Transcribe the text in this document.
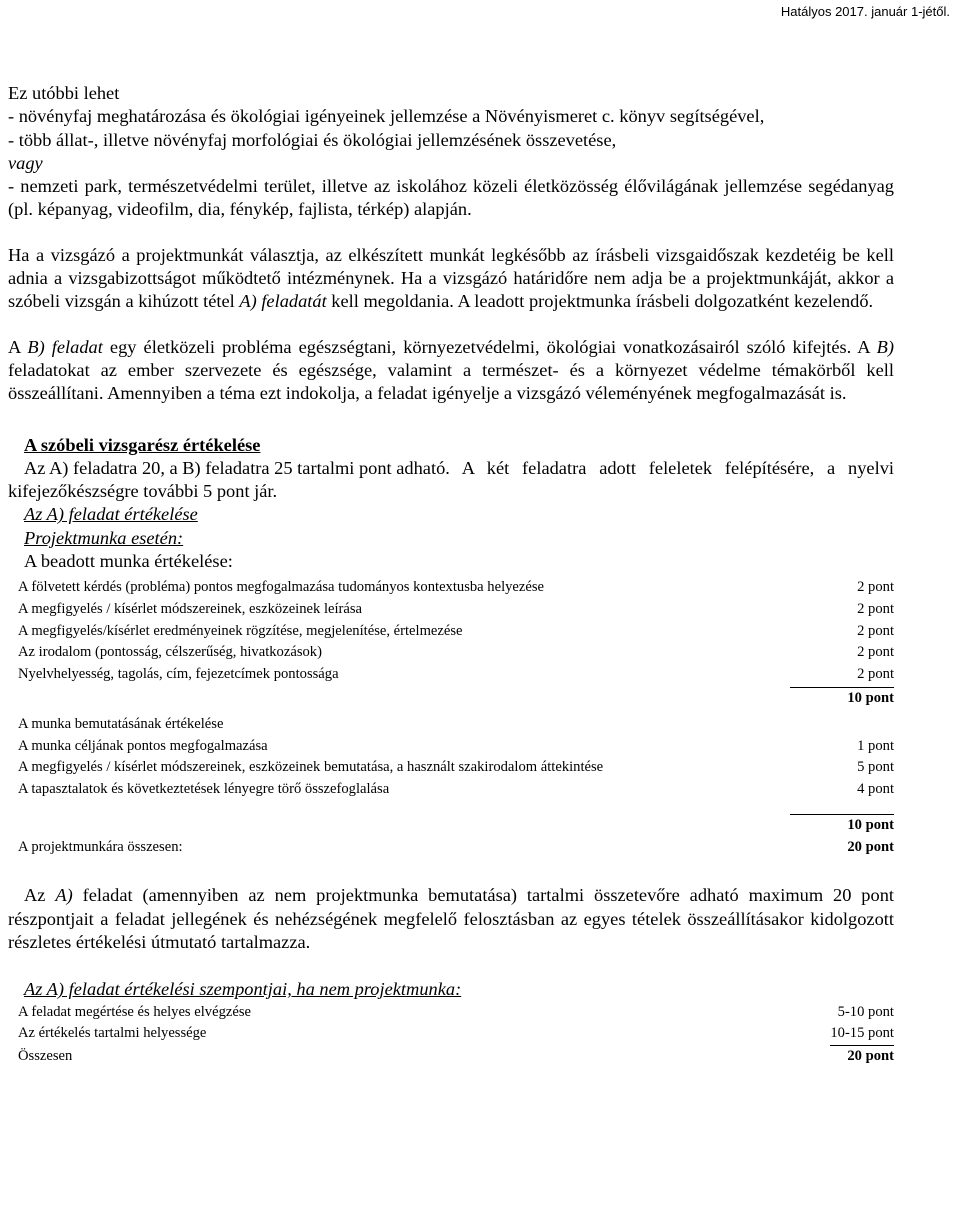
Hatályos 2017. január 1-jétől.

Ez utóbbi lehet

- növényfaj meghatározása és ökológiai igényeinek jellemzése a Növényismeret c. könyv segítségével,

- több állat-, illetve növényfaj morfológiai és ökológiai jellemzésének összevetése,

vagy

- nemzeti park, természetvédelmi terület, illetve az iskolához közeli életközösség élővilágának jellemzése segédanyag (pl. képanyag, videofilm, dia, fénykép, fajlista, térkép) alapján.

Ha a vizsgázó a projektmunkát választja, az elkészített munkát legkésőbb az írásbeli vizsgaidőszak kezdetéig be kell adnia a vizsgabizottságot működtető intézménynek. Ha a vizsgázó határidőre nem adja be a projektmunkáját, akkor a szóbeli vizsgán a kihúzott tétel A) feladatát kell megoldania. A leadott projektmunka írásbeli dolgozatként kezelendő.

A B) feladat egy életközeli probléma egészségtani, környezetvédelmi, ökológiai vonatkozásairól szóló kifejtés. A B) feladatokat az ember szervezete és egészsége, valamint a természet- és a környezet védelme témakörből kell összeállítani. Amennyiben a téma ezt indokolja, a feladat igényelje a vizsgázó véleményének megfogalmazását is.

A szóbeli vizsgarész értékelése

Az A) feladatra 20, a B) feladatra 25 tartalmi pont adható. A két feladatra adott feleletek felépítésére, a nyelvi kifejezőkészségre további 5 pont jár.

Az A) feladat értékelése

Projektmunka esetén:

A beadott munka értékelése:

A fölvetett kérdés (probléma) pontos megfogalmazása tudományos kontextusba helyezése	2 pont
A megfigyelés / kísérlet módszereinek, eszközeinek leírása	2 pont
A megfigyelés/kísérlet eredményeinek rögzítése, megjelenítése, értelmezése	2 pont
Az irodalom (pontosság, célszerűség, hivatkozások)	2 pont
Nyelvhelyesség, tagolás, cím, fejezetcímek pontossága	2 pont
10 pont
A munka bemutatásának értékelése
A munka céljának pontos megfogalmazása	1 pont
A megfigyelés / kísérlet módszereinek, eszközeinek bemutatása, a használt szakirodalom áttekintése	5 pont
A tapasztalatok és következtetések lényegre törő összefoglalása	4 pont
10 pont
A projektmunkára összesen:	20 pont

Az A) feladat (amennyiben az nem projektmunka bemutatása) tartalmi összetevőre adható maximum 20 pont részpontjait a feladat jellegének és nehézségének megfelelő felosztásban az egyes tételek összeállításakor kidolgozott részletes értékelési útmutató tartalmazza.

Az A) feladat értékelési szempontjai, ha nem projektmunka:

A feladat megértése és helyes elvégzése	5-10 pont
Az értékelés tartalmi helyessége	10-15 pont
Összesen	20 pont
